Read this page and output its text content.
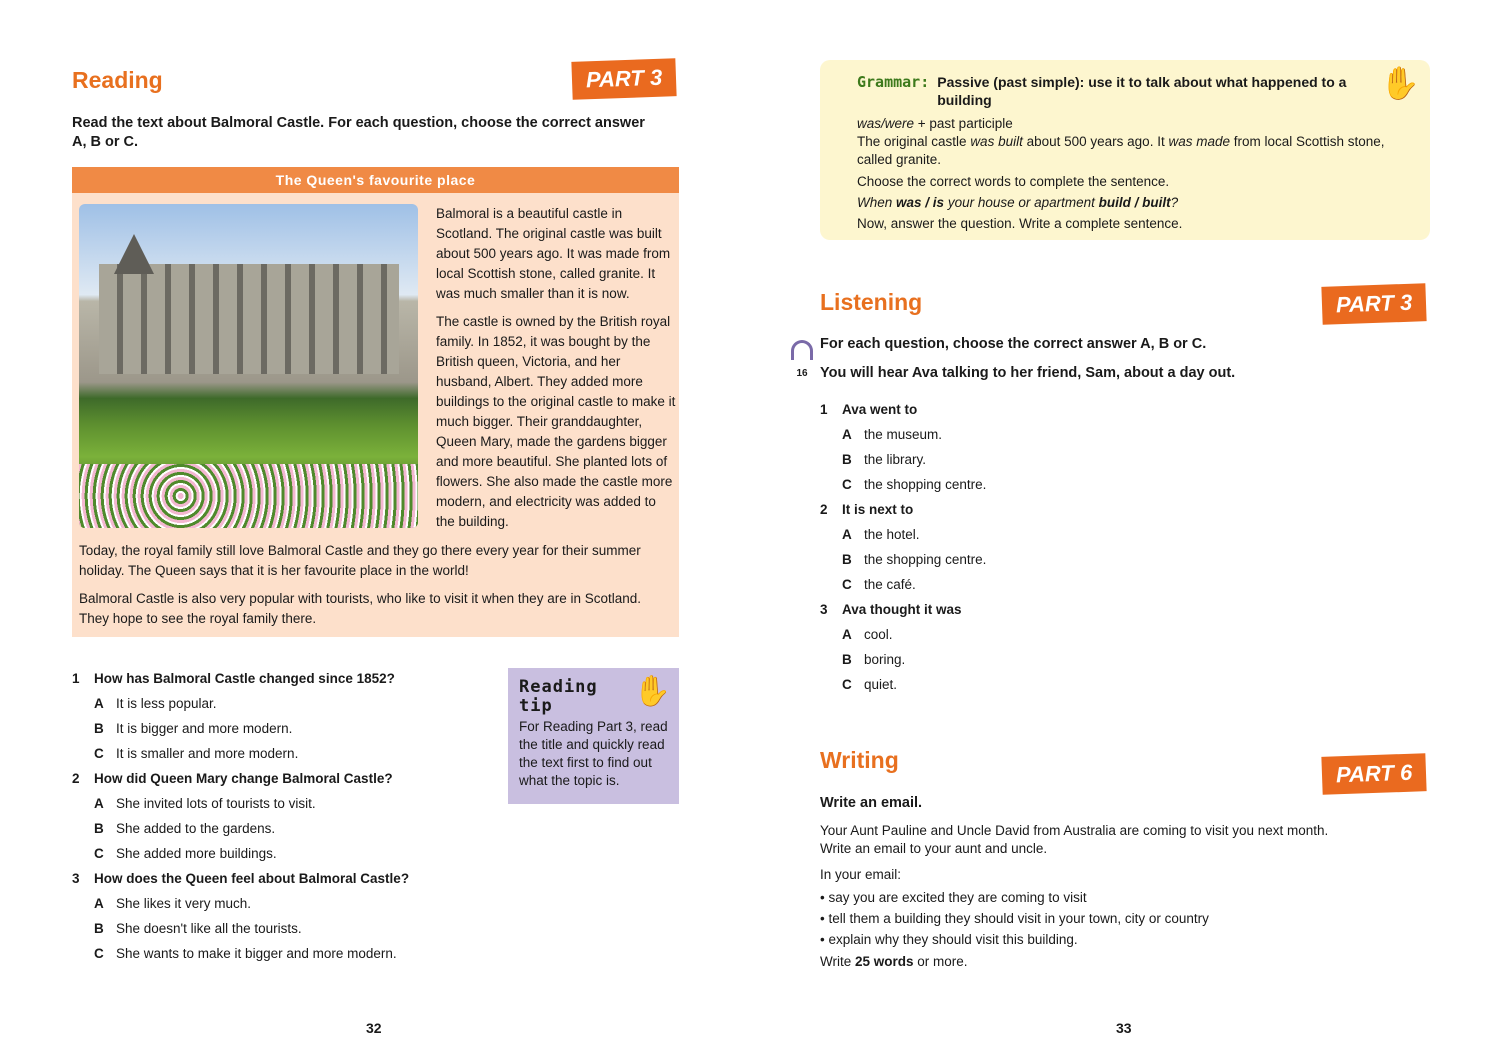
Reading	PART 3
Read the text about Balmoral Castle. For each question, choose the correct answer A, B or C.
The Queen's favourite place

Balmoral is a beautiful castle in Scotland. The original castle was built about 500 years ago. It was made from local Scottish stone, called granite. It was much smaller than it is now.

The castle is owned by the British royal family. In 1852, it was bought by the British queen, Victoria, and her husband, Albert. They added more buildings to the original castle to make it much bigger. Their granddaughter, Queen Mary, made the gardens bigger and more beautiful. She planted lots of flowers. She also made the castle more modern, and electricity was added to the building.

Today, the royal family still love Balmoral Castle and they go there every year for their summer holiday. The Queen says that it is her favourite place in the world!

Balmoral Castle is also very popular with tourists, who like to visit it when they are in Scotland. They hope to see the royal family there.

1 How has Balmoral Castle changed since 1852?
A It is less popular.
B It is bigger and more modern.
C It is smaller and more modern.
2 How did Queen Mary change Balmoral Castle?
A She invited lots of tourists to visit.
B She added to the gardens.
C She added more buildings.
3 How does the Queen feel about Balmoral Castle?
A She likes it very much.
B She doesn't like all the tourists.
C She wants to make it bigger and more modern.
Reading
tip	✋
For Reading Part 3, read the title and quickly read the text first to find out what the topic is.
32
Grammar: Passive (past simple): use it to talk about what happened to a building	✋
was/were + past participle

The original castle was built about 500 years ago. It was made from local Scottish stone, called granite.

Choose the correct words to complete the sentence.

When was / is your house or apartment build / built?

Now, answer the question. Write a complete sentence.

Listening	PART 3
16
For each question, choose the correct answer A, B or C.
You will hear Ava talking to her friend, Sam, about a day out.
1 Ava went to
A the museum.
B the library.
C the shopping centre.
2 It is next to
A the hotel.
B the shopping centre.
C the café.
3 Ava thought it was
A cool.
B boring.
C quiet.
Writing	PART 6
Write an email.
Your Aunt Pauline and Uncle David from Australia are coming to visit you next month.
Write an email to your aunt and uncle.
In your email:
• say you are excited they are coming to visit
• tell them a building they should visit in your town, city or country
• explain why they should visit this building.
Write 25 words or more.
33
